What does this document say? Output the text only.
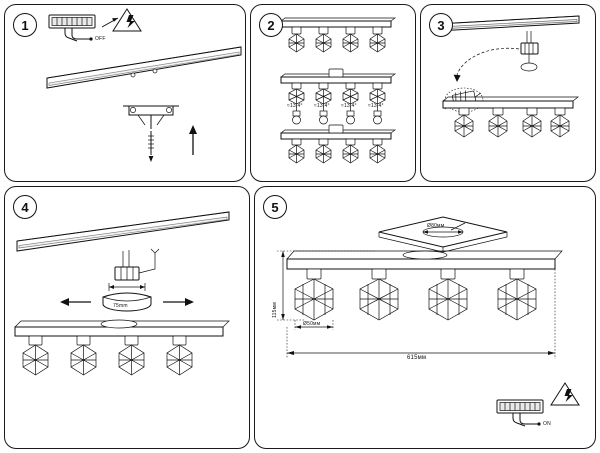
1
OFF
2
≈13,4° ≈13,4° ≈13,4° ≈13,4°
3
4
75mm
5
Ø80мм
115мм
Ø50мм
615мм
ON
